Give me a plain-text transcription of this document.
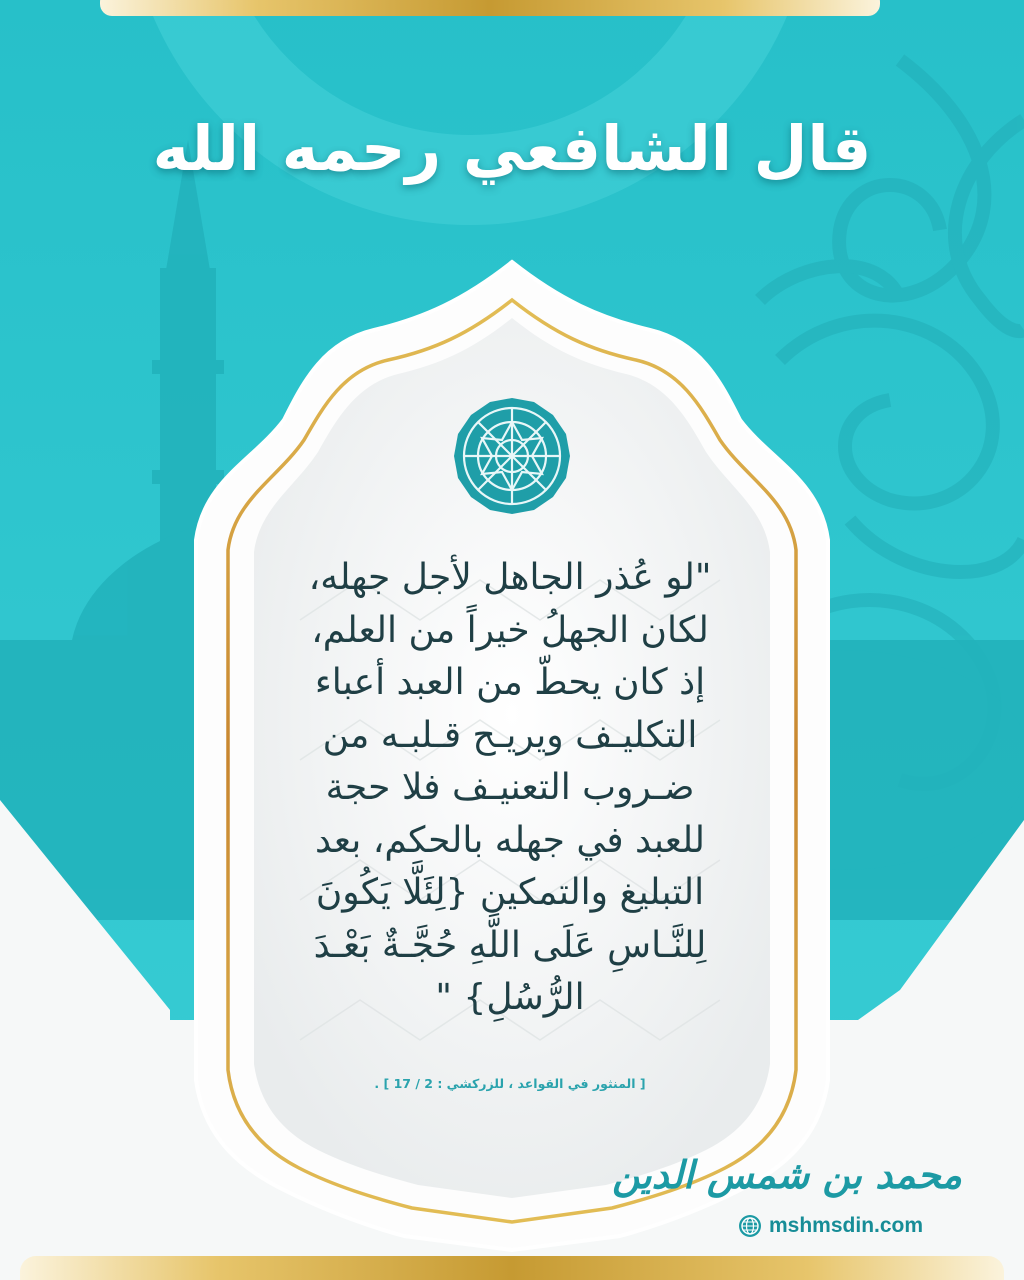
قال الشافعي رحمه الله
"لو عُذر الجاهل لأجل جهله،
لكان الجهلُ خيراً من العلم،
إذ كان يحطّ من العبد أعباء
التكليـف ويريـح قـلبـه من
ضـروب التعنيـف فلا حجة
للعبد في جهله بالحكم، بعد
التبليغ والتمكين {لِئَلَّا يَكُونَ
لِلنَّـاسِ عَلَى اللَّهِ حُجَّـةٌ بَعْـدَ
الرُّسُلِ} "
[ المنثور في القواعد ، للزركشي : 2 / 17 ] .
محمد بن شمس الدين
mshmsdin.com
